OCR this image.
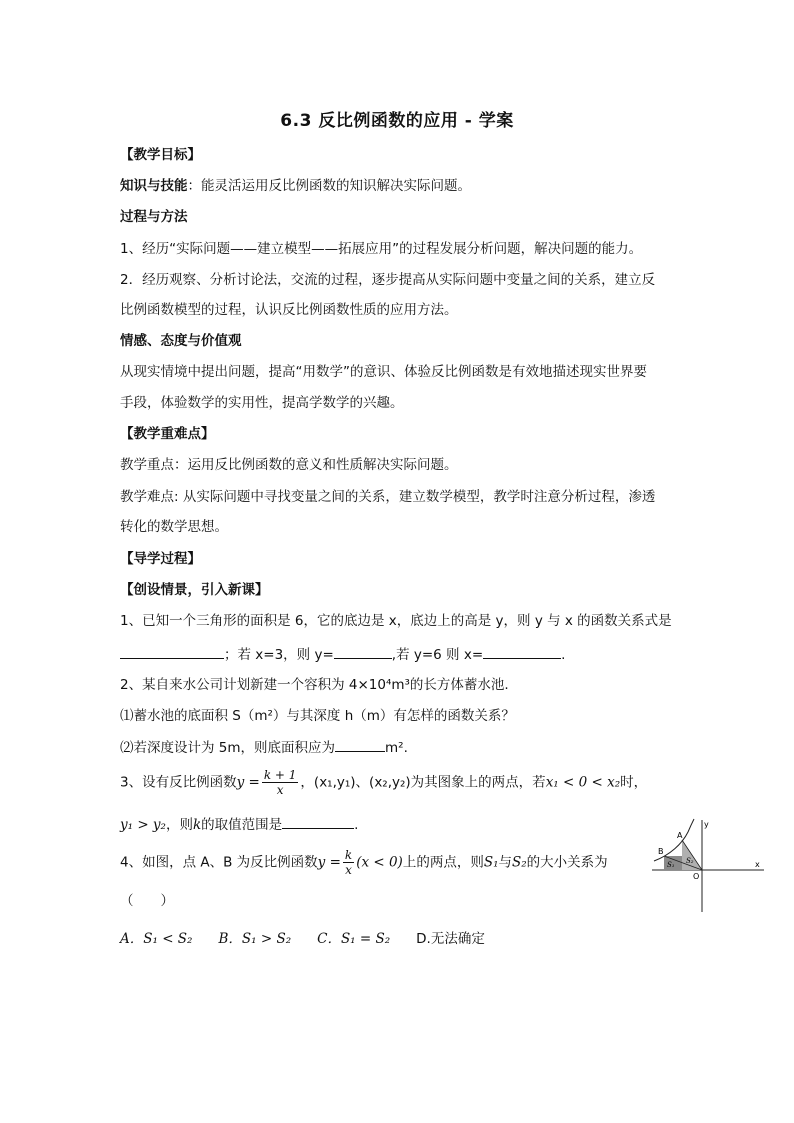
6.3 反比例函数的应用 - 学案
【教学目标】
知识与技能：能灵活运用反比例函数的知识解决实际问题。
过程与方法
1、经历“实际问题——建立模型——拓展应用”的过程发展分析问题，解决问题的能力。
2．经历观察、分析讨论法，交流的过程，逐步提高从实际问题中变量之间的关系，建立反
比例函数模型的过程，认识反比例函数性质的应用方法。
情感、态度与价值观
从现实情境中提出问题，提高“用数学”的意识、体验反比例函数是有效地描述现实世界要
手段，体验数学的实用性，提高学数学的兴趣。
【教学重难点】
教学重点：运用反比例函数的意义和性质解决实际问题。
教学难点: 从实际问题中寻找变量之间的关系，建立数学模型，教学时注意分析过程，渗透
转化的数学思想。
【导学过程】
【创设情景，引入新课】
1、已知一个三角形的面积是 6，它的底边是 x，底边上的高是 y，则 y 与 x 的函数关系式是
；若 x=3，则 y=	,若 y=6 则 x=	.
2、某自来水公司计划新建一个容积为 4×10⁴m³的长方体蓄水池.
⑴蓄水池的底面积 S（m²）与其深度 h（m）有怎样的函数关系？
⑵若深度设计为 5m，则底面积应为	m².
3、设有反比例函数$y = \frac{k + 1}{x}$ ，(x₁,y₁)、(x₂,y₂)为其图象上的两点，若x₁ < 0 < x₂时，
y₁ > y₂，则k的取值范围是	.
4、如图，点 A、B 为反比例函数$y = \frac{k}{x} (x < 0)$上的两点，则S₁与S₂的大小关系为
（　　）
A．S₁ < S₂ B．S₁ > S₂ C．S₁ = S₂ D.无法确定
y
x
A
B
S₁ S₂
O
